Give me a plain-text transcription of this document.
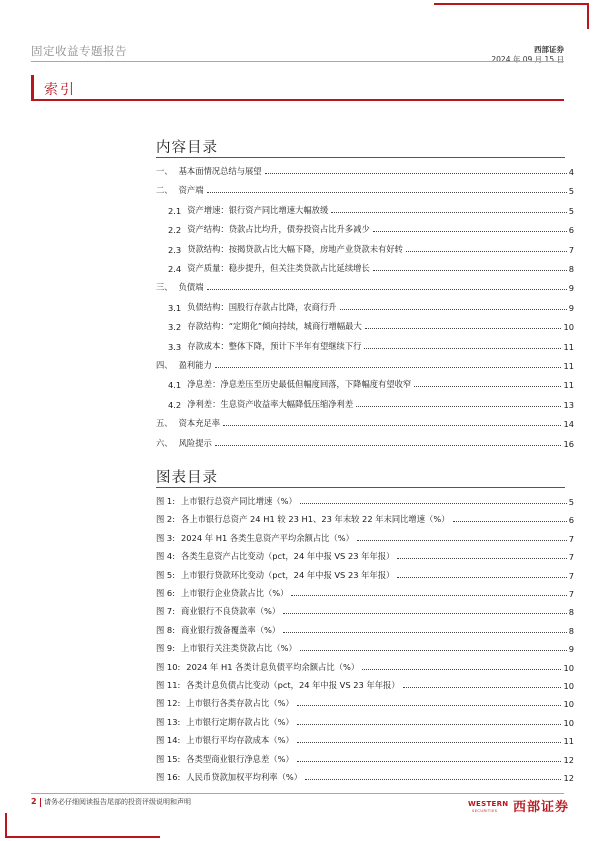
固定收益专题报告	西部证券
2024 年 09 月 15 日
索引
内容目录
一、 基本面情况总结与展望	4
二、 资产端	5
2.1 资产增速：银行资产同比增速大幅放缓	5
2.2 资产结构：贷款占比均升，债券投资占比升多减少	6
2.3 贷款结构：按揭贷款占比大幅下降，房地产业贷款未有好转	7
2.4 资产质量：稳步提升，但关注类贷款占比延续增长	8
三、 负债端	9
3.1 负债结构：国股行存款占比降，农商行升	9
3.2 存款结构：“定期化”倾向持续，城商行增幅最大	10
3.3 存款成本：整体下降，预计下半年有望继续下行	11
四、 盈利能力	11
4.1 净息差：净息差压至历史最低但幅度回落，下降幅度有望收窄	11
4.2 净利差：生息资产收益率大幅降低压缩净利差	13
五、 资本充足率	14
六、 风险提示	16
图表目录
图 1: 上市银行总资产同比增速（%）	5
图 2: 各上市银行总资产 24 H1 较 23 H1、23 年末较 22 年末同比增速（%）	6
图 3: 2024 年 H1 各类生息资产平均余额占比（%）	7
图 4: 各类生息资产占比变动（pct，24 年中报 VS 23 年年报）	7
图 5: 上市银行贷款环比变动（pct，24 年中报 VS 23 年年报）	7
图 6: 上市银行企业贷款占比（%）	7
图 7: 商业银行不良贷款率（%）	8
图 8: 商业银行拨备覆盖率（%）	8
图 9: 上市银行关注类贷款占比（%）	9
图 10: 2024 年 H1 各类计息负债平均余额占比（%）	10
图 11: 各类计息负债占比变动（pct，24 年中报 VS 23 年年报）	10
图 12: 上市银行各类存款占比（%）	10
图 13: 上市银行定期存款占比（%）	10
图 14: 上市银行平均存款成本（%）	11
图 15: 各类型商业银行净息差（%）	12
图 16: 人民币贷款加权平均利率（%）	12
2 请务必仔细阅读报告尾部的投资评级说明和声明	WESTERN
SECURITIES 西部证券
